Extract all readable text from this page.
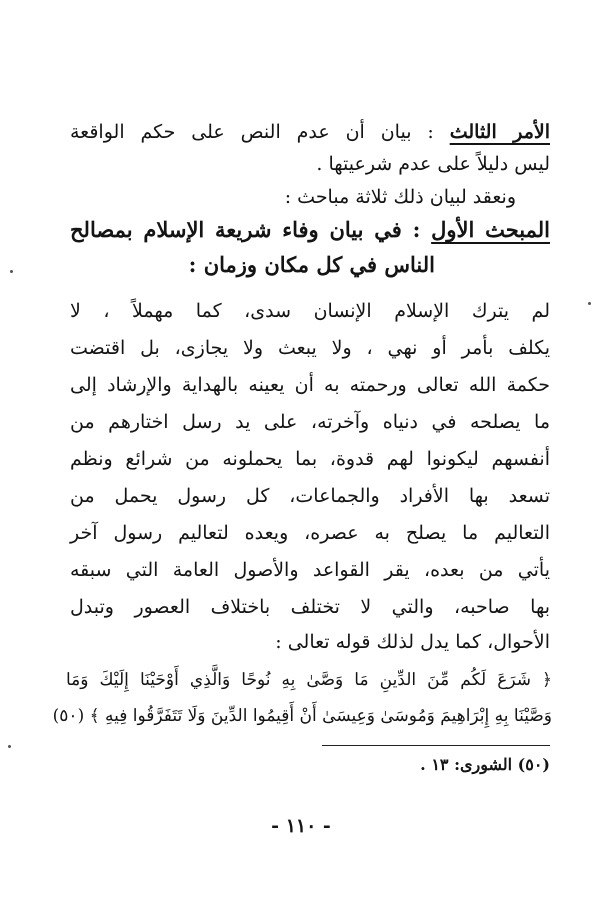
الأمر الثالث : بيان أن عدم النص على حكم الواقعة
ليس دليلاً على عدم شرعيتها .
ونعقد لبيان ذلك ثلاثة مباحث :
المبحث الأول : في بيان وفاء شريعة الإسلام بمصالح
الناس في كل مكان وزمان :
لم يترك الإسلام الإنسان سدى، كما مهملاً ، لا
يكلف بأمر أو نهي ، ولا يبعث ولا يجازى، بل اقتضت
حكمة الله تعالى ورحمته به أن يعينه بالهداية والإرشاد إلى
ما يصلحه في دنياه وآخرته، على يد رسل اختارهم من
أنفسهم ليكونوا لهم قدوة، بما يحملونه من شرائع ونظم
تسعد بها الأفراد والجماعات، كل رسول يحمل من
التعاليم ما يصلح به عصره، ويعده لتعاليم رسول آخر
يأتي من بعده، يقر القواعد والأصول العامة التي سبقه
بها صاحبه، والتي لا تختلف باختلاف العصور وتبدل
الأحوال، كما يدل لذلك قوله تعالى :
﴿ شَرَعَ لَكُم مِّنَ الدِّينِ مَا وَصَّىٰ بِهِ نُوحًا وَالَّذِي أَوْحَيْنَا إِلَيْكَ وَمَا
وَصَّيْنَا بِهِ إِبْرَاهِيمَ وَمُوسَىٰ وَعِيسَىٰ أَنْ أَقِيمُوا الدِّينَ وَلَا تَتَفَرَّقُوا فِيهِ ﴾ (٥٠)
(٥٠) الشورى: ١٣ .
- ١١٠ -
